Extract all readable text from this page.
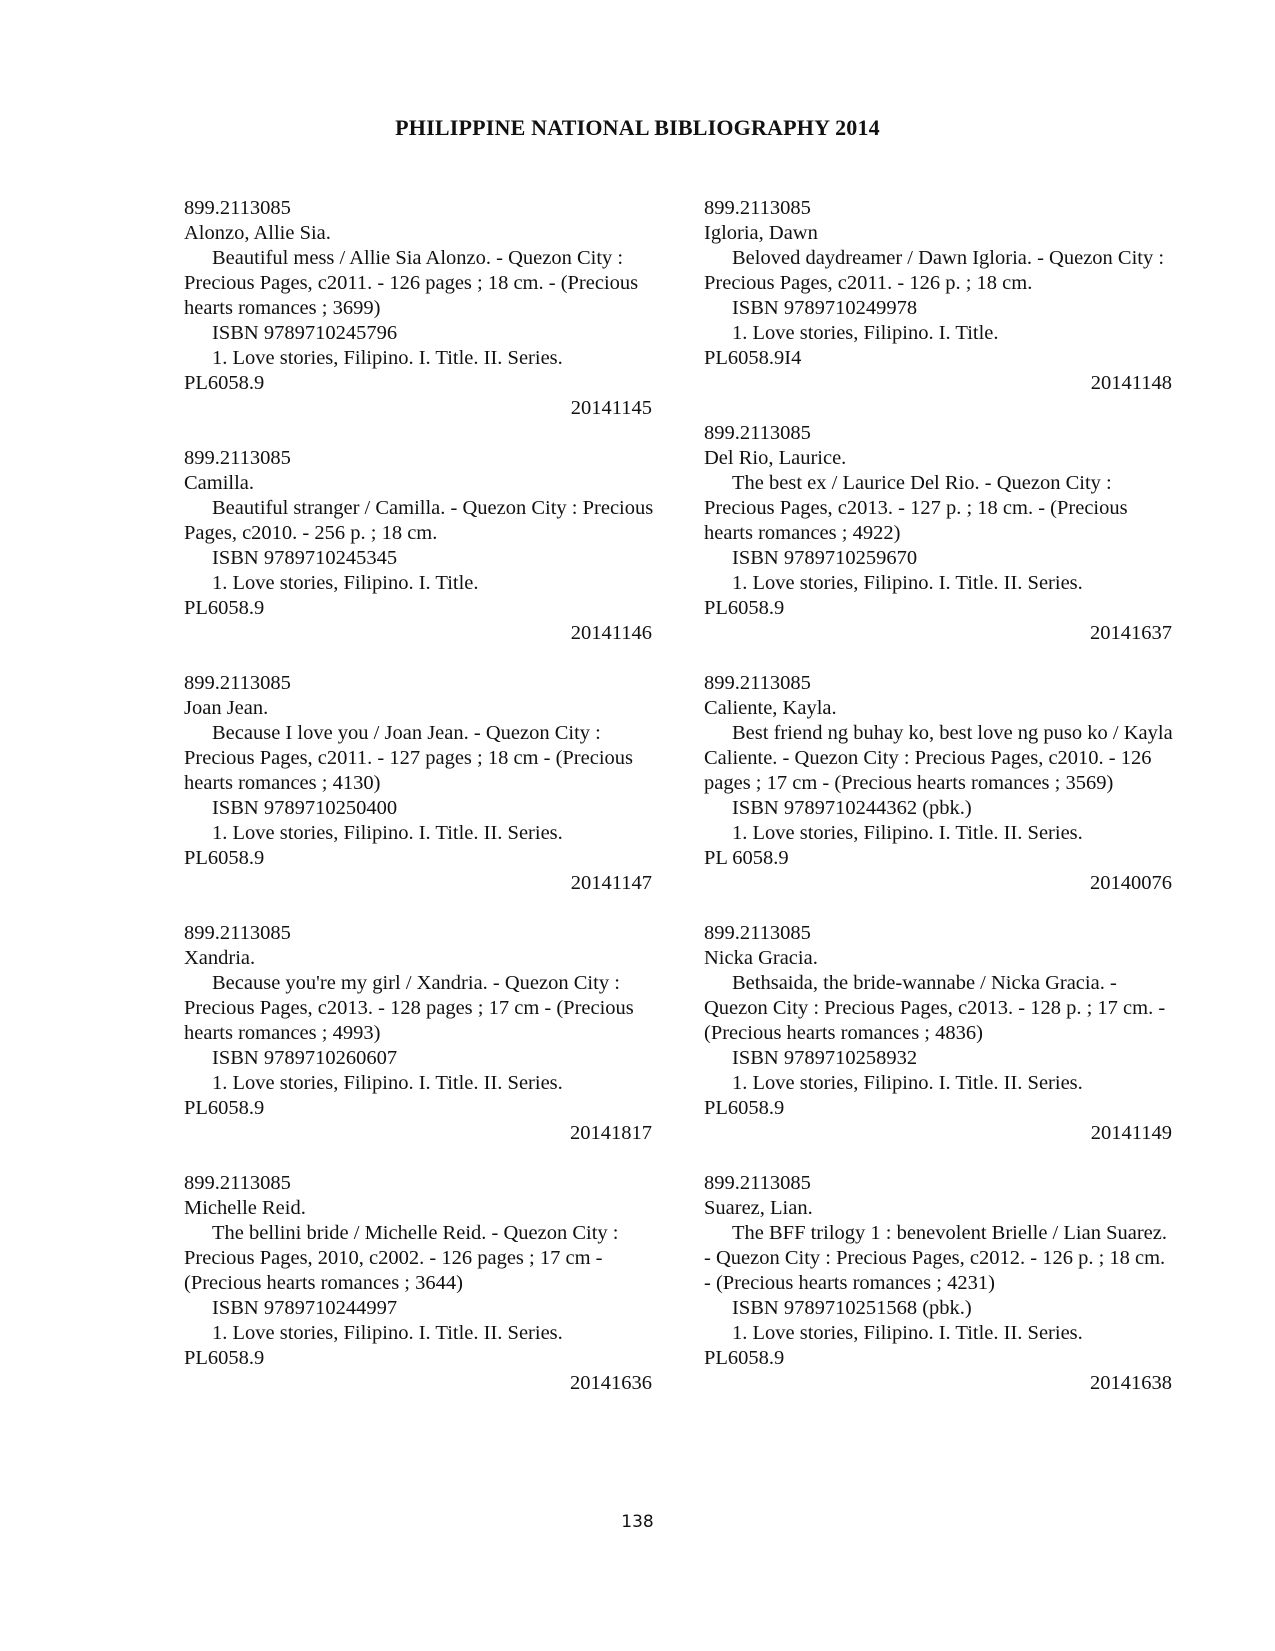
PHILIPPINE NATIONAL BIBLIOGRAPHY 2014
899.2113085
Alonzo, Allie Sia.
Beautiful mess / Allie Sia Alonzo. - Quezon City : Precious Pages, c2011. - 126 pages ; 18 cm. - (Precious hearts romances ; 3699)
ISBN 9789710245796
1. Love stories, Filipino. I. Title. II. Series.
PL6058.9
20141145
899.2113085
Camilla.
Beautiful stranger / Camilla. - Quezon City : Precious Pages, c2010. - 256 p. ; 18 cm.
ISBN 9789710245345
1. Love stories, Filipino. I. Title.
PL6058.9
20141146
899.2113085
Joan Jean.
Because I love you / Joan Jean. - Quezon City : Precious Pages, c2011. - 127 pages ; 18 cm - (Precious hearts romances ; 4130)
ISBN 9789710250400
1. Love stories, Filipino. I. Title. II. Series.
PL6058.9
20141147
899.2113085
Xandria.
Because you're my girl / Xandria. - Quezon City : Precious Pages, c2013. - 128 pages ; 17 cm - (Precious hearts romances ; 4993)
ISBN 9789710260607
1. Love stories, Filipino. I. Title. II. Series.
PL6058.9
20141817
899.2113085
Michelle Reid.
The bellini bride / Michelle Reid. - Quezon City : Precious Pages, 2010, c2002. - 126 pages ; 17 cm - (Precious hearts romances ; 3644)
ISBN 9789710244997
1. Love stories, Filipino. I. Title. II. Series.
PL6058.9
20141636
899.2113085
Igloria, Dawn
Beloved daydreamer / Dawn Igloria. - Quezon City : Precious Pages, c2011. - 126 p. ; 18 cm.
ISBN 9789710249978
1. Love stories, Filipino. I. Title.
PL6058.9I4
20141148
899.2113085
Del Rio, Laurice.
The best ex / Laurice Del Rio. - Quezon City : Precious Pages, c2013. - 127 p. ; 18 cm. - (Precious hearts romances ; 4922)
ISBN 9789710259670
1. Love stories, Filipino. I. Title. II. Series.
PL6058.9
20141637
899.2113085
Caliente, Kayla.
Best friend ng buhay ko, best love ng puso ko / Kayla Caliente. - Quezon City : Precious Pages, c2010. - 126 pages ; 17 cm - (Precious hearts romances ; 3569)
ISBN 9789710244362 (pbk.)
1. Love stories, Filipino. I. Title. II. Series.
PL 6058.9
20140076
899.2113085
Nicka Gracia.
Bethsaida, the bride-wannabe / Nicka Gracia. - Quezon City : Precious Pages, c2013. - 128 p. ; 17 cm. - (Precious hearts romances ; 4836)
ISBN 9789710258932
1. Love stories, Filipino. I. Title. II. Series.
PL6058.9
20141149
899.2113085
Suarez, Lian.
The BFF trilogy 1 : benevolent Brielle / Lian Suarez. - Quezon City : Precious Pages, c2012. - 126 p. ; 18 cm. - (Precious hearts romances ; 4231)
ISBN 9789710251568 (pbk.)
1. Love stories, Filipino. I. Title. II. Series.
PL6058.9
20141638
138
